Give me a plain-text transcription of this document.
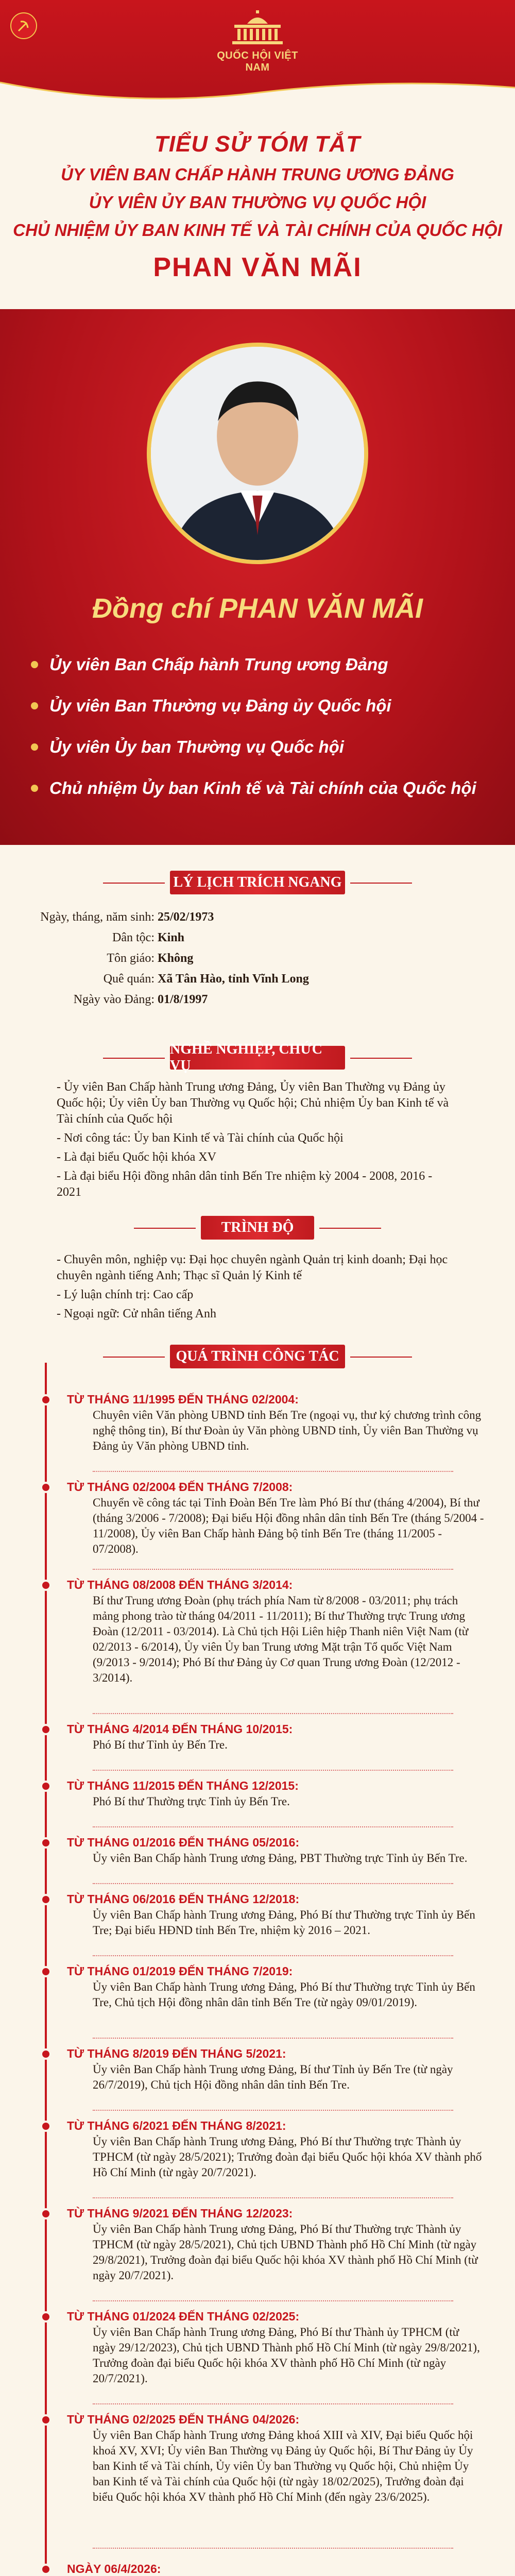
QUỐC HỘI VIỆT NAM

TIỂU SỬ TÓM TẮT

ỦY VIÊN BAN CHẤP HÀNH TRUNG ƯƠNG ĐẢNG

ỦY VIÊN ỦY BAN THƯỜNG VỤ QUỐC HỘI

CHỦ NHIỆM ỦY BAN KINH TẾ VÀ TÀI CHÍNH CỦA QUỐC HỘI

PHAN VĂN MÃI

Đồng chí PHAN VĂN MÃI

Ủy viên Ban Chấp hành Trung ương Đảng
Ủy viên Ban Thường vụ Đảng ủy Quốc hội
Ủy viên Ủy ban Thường vụ Quốc hội
Chủ nhiệm Ủy ban Kinh tế và Tài chính của Quốc hội
LÝ LỊCH TRÍCH NGANG
Ngày, tháng, năm sinh: 25/02/1973
Dân tộc: Kinh
Tôn giáo: Không
Quê quán: Xã Tân Hào, tỉnh Vĩnh Long
Ngày vào Đảng: 01/8/1997
NGHỀ NGHIỆP, CHỨC VỤ

- Ủy viên Ban Chấp hành Trung ương Đảng, Ủy viên Ban Thường vụ Đảng ủy Quốc hội; Ủy viên Ủy ban Thường vụ Quốc hội; Chủ nhiệm Ủy ban Kinh tế và Tài chính của Quốc hội

- Nơi công tác: Ủy ban Kinh tế và Tài chính của Quốc hội

- Là đại biểu Quốc hội khóa XV

- Là đại biểu Hội đồng nhân dân tỉnh Bến Tre nhiệm kỳ 2004 - 2008, 2016 - 2021

TRÌNH ĐỘ

- Chuyên môn, nghiệp vụ: Đại học chuyên ngành Quản trị kinh doanh; Đại học chuyên ngành tiếng Anh; Thạc sĩ Quản lý Kinh tế

- Lý luận chính trị: Cao cấp

- Ngoại ngữ: Cử nhân tiếng Anh

QUÁ TRÌNH CÔNG TÁC
TỪ THÁNG 11/1995 ĐẾN THÁNG 02/2004:
Chuyên viên Văn phòng UBND tỉnh Bến Tre (ngoại vụ, thư ký chương trình công nghệ thông tin), Bí thư Đoàn ủy Văn phòng UBND tỉnh, Ủy viên Ban Thường vụ Đảng ủy Văn phòng UBND tỉnh.
TỪ THÁNG 02/2004 ĐẾN THÁNG 7/2008:
Chuyển về công tác tại Tỉnh Đoàn Bến Tre làm Phó Bí thư (tháng 4/2004), Bí thư (tháng 3/2006 - 7/2008); Đại biểu Hội đồng nhân dân tỉnh Bến Tre (tháng 5/2004 - 11/2008), Ủy viên Ban Chấp hành Đảng bộ tỉnh Bến Tre (tháng 11/2005 - 07/2008).
TỪ THÁNG 08/2008 ĐẾN THÁNG 3/2014:
Bí thư Trung ương Đoàn (phụ trách phía Nam từ 8/2008 - 03/2011; phụ trách mảng phong trào từ tháng 04/2011 - 11/2011); Bí thư Thường trực Trung ương Đoàn (12/2011 - 03/2014). Là Chủ tịch Hội Liên hiệp Thanh niên Việt Nam (từ 02/2013 - 6/2014), Ủy viên Ủy ban Trung ương Mặt trận Tổ quốc Việt Nam (9/2013 - 9/2014); Phó Bí thư Đảng ủy Cơ quan Trung ương Đoàn (12/2012 - 3/2014).
TỪ THÁNG 4/2014 ĐẾN THÁNG 10/2015:
Phó Bí thư Tỉnh ủy Bến Tre.
TỪ THÁNG 11/2015 ĐẾN THÁNG 12/2015:
Phó Bí thư Thường trực Tỉnh ủy Bến Tre.
TỪ THÁNG 01/2016 ĐẾN THÁNG 05/2016:
Ủy viên Ban Chấp hành Trung ương Đảng, PBT Thường trực Tỉnh ủy Bến Tre.
TỪ THÁNG 06/2016 ĐẾN THÁNG 12/2018:
Ủy viên Ban Chấp hành Trung ương Đảng, Phó Bí thư Thường trực Tỉnh ủy Bến Tre; Đại biểu HĐND tỉnh Bến Tre, nhiệm kỳ 2016 – 2021.
TỪ THÁNG 01/2019 ĐẾN THÁNG 7/2019:
Ủy viên Ban Chấp hành Trung ương Đảng, Phó Bí thư Thường trực Tỉnh ủy Bến Tre, Chủ tịch Hội đồng nhân dân tỉnh Bến Tre (từ ngày 09/01/2019).
TỪ THÁNG 8/2019 ĐẾN THÁNG 5/2021:
Ủy viên Ban Chấp hành Trung ương Đảng, Bí thư Tỉnh ủy Bến Tre (từ ngày 26/7/2019), Chủ tịch Hội đồng nhân dân tỉnh Bến Tre.
TỪ THÁNG 6/2021 ĐẾN THÁNG 8/2021:
Ủy viên Ban Chấp hành Trung ương Đảng, Phó Bí thư Thường trực Thành ủy TPHCM (từ ngày 28/5/2021); Trưởng đoàn đại biểu Quốc hội khóa XV thành phố Hồ Chí Minh (từ ngày 20/7/2021).
TỪ THÁNG 9/2021 ĐẾN THÁNG 12/2023:
Ủy viên Ban Chấp hành Trung ương Đảng, Phó Bí thư Thường trực Thành ủy TPHCM (từ ngày 28/5/2021), Chủ tịch UBND Thành phố Hồ Chí Minh (từ ngày 29/8/2021), Trưởng đoàn đại biểu Quốc hội khóa XV thành phố Hồ Chí Minh (từ ngày 20/7/2021).
TỪ THÁNG 01/2024 ĐẾN THÁNG 02/2025:
Ủy viên Ban Chấp hành Trung ương Đảng, Phó Bí thư Thành ủy TPHCM (từ ngày 29/12/2023), Chủ tịch UBND Thành phố Hồ Chí Minh (từ ngày 29/8/2021), Trưởng đoàn đại biểu Quốc hội khóa XV thành phố Hồ Chí Minh (từ ngày 20/7/2021).
TỪ THÁNG 02/2025 ĐẾN THÁNG 04/2026:
Ủy viên Ban Chấp hành Trung ương Đảng khoá XIII và XIV, Đại biểu Quốc hội khoá XV, XVI; Ủy viên Ban Thường vụ Đảng ủy Quốc hội, Bí Thư Đảng ủy Ủy ban Kinh tế và Tài chính, Ủy viên Ủy ban Thường vụ Quốc hội, Chủ nhiệm Ủy ban Kinh tế và Tài chính của Quốc hội (từ ngày 18/02/2025), Trưởng đoàn đại biểu Quốc hội khóa XV thành phố Hồ Chí Minh (đến ngày 23/6/2025).
NGÀY 06/4/2026:
